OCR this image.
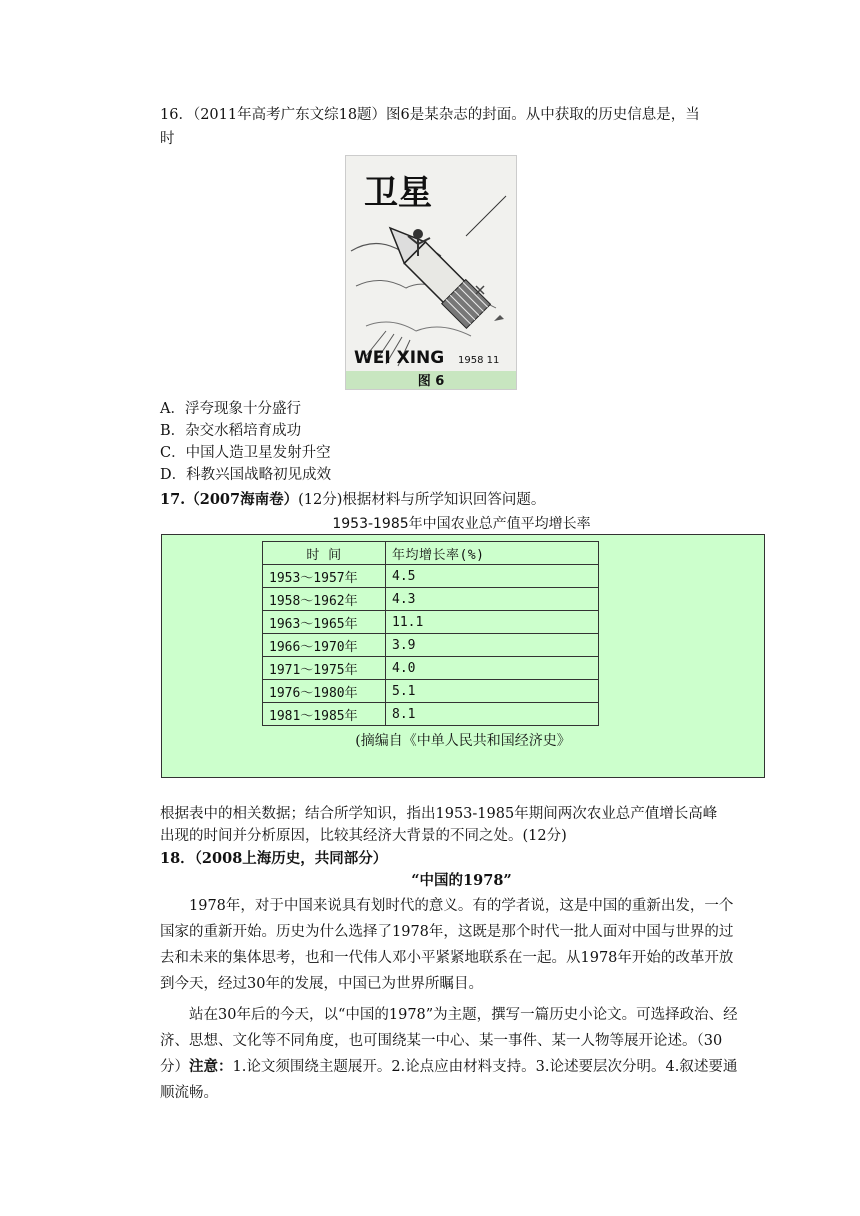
16．（2011年高考广东文综18题）图6是某杂志的封面。从中获取的历史信息是，当
时
卫星
WEI XING 1958 11
图 6
A．浮夸现象十分盛行
B．杂交水稻培育成功
C．中国人造卫星发射升空
D．科教兴国战略初见成效
17.（2007海南卷）(12分)根据材料与所学知识回答问题。
1953-1985年中国农业总产值平均增长率
时 间	年均增长率(%)
1953～1957年	4.5
1958～1962年	4.3
1963～1965年	11.1
1966～1970年	3.9
1971～1975年	4.0
1976～1980年	5.1
1981～1985年	8.1
(摘编自《中单人民共和国经济史》
根据表中的相关数据；结合所学知识，指出1953-1985年期间两次农业总产值增长高峰
出现的时间并分析原因，比较其经济大背景的不同之处。(12分)
18．（2008上海历史，共同部分）
“中国的1978”
1978年，对于中国来说具有划时代的意义。有的学者说，这是中国的重新出发，一个国家的重新开始。历史为什么选择了1978年，这既是那个时代一批人面对中国与世界的过去和未来的集体思考，也和一代伟人邓小平紧紧地联系在一起。从1978年开始的改革开放到今天，经过30年的发展，中国已为世界所瞩目。
站在30年后的今天，以“中国的1978”为主题，撰写一篇历史小论文。可选择政治、经济、思想、文化等不同角度，也可围绕某一中心、某一事件、某一人物等展开论述。（30分） 注意：1.论文须围绕主题展开。2.论点应由材料支持。3.论述要层次分明。4.叙述要通顺流畅。
